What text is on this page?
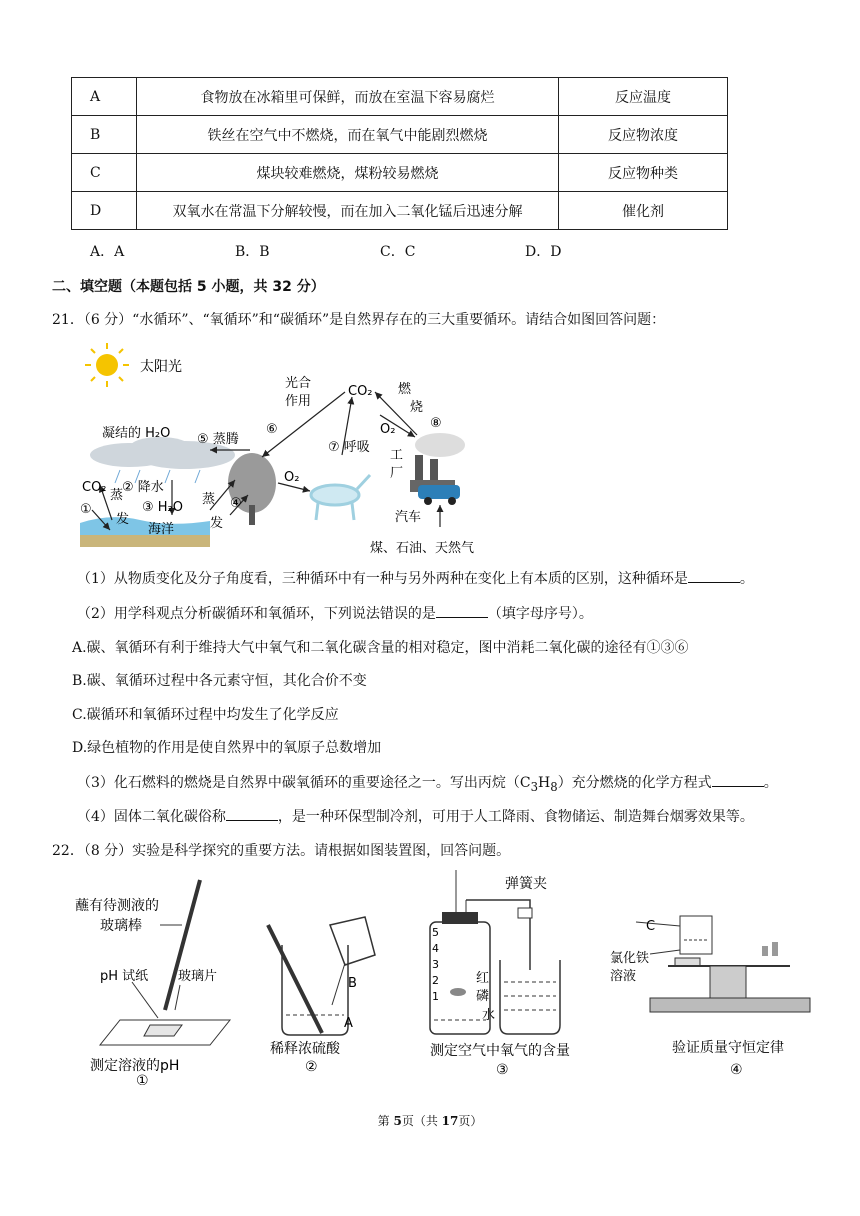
A	食物放在冰箱里可保鲜，而放在室温下容易腐烂	反应温度
B	铁丝在空气中不燃烧，而在氧气中能剧烈燃烧	反应物浓度
C	煤块较难燃烧，煤粉较易燃烧	反应物种类
D	双氧水在常温下分解较慢，而在加入二氧化锰后迅速分解	催化剂
A．A	B．B	C．C	D．D
二、填空题（本题包括 5 小题，共 32 分）
21．（6 分）“水循环”、“氧循环”和“碳循环”是自然界存在的三大重要循环。请结合如图回答问题：
太阳光
光合
作用
CO₂ 燃
烧
⑧
⑥	O₂
凝结的 H₂O ⑤ 蒸腾
⑦ 呼吸
工
厂
CO₂
蒸
发
② 降水
③ H₂O
①
海洋
蒸
发
④
O₂
汽车
煤、石油、天然气
（1）从物质变化及分子角度看，三种循环中有一种与另外两种在变化上有本质的区别，这种循环是	。
（2）用学科观点分析碳循环和氧循环，下列说法错误的是	（填字母序号）。
A.碳、氧循环有利于维持大气中氧气和二氧化碳含量的相对稳定，图中消耗二氧化碳的途径有①③⑥
B.碳、氧循环过程中各元素守恒，其化合价不变
C.碳循环和氧循环过程中均发生了化学反应
D.绿色植物的作用是使自然界中的氧原子总数增加
（3）化石燃料的燃烧是自然界中碳氧循环的重要途径之一。写出丙烷$(C_3H_8)$充分燃烧的化学方程式	。
（4）固体二氧化碳俗称	，是一种环保型制冷剂，可用于人工降雨、食物储运、制造舞台烟雾效果等。
22．（8 分）实验是科学探究的重要方法。请根据如图装置图，回答问题。
蘸有待测液的
玻璃棒
pH 试纸 玻璃片
测定溶液的pH
①
B
A
稀释浓硫酸
②
5
4
3
2
1
弹簧夹
红
磷
水
测定空气中氧气的含量
③
C
氯化铁
溶液
验证质量守恒定律
④
第 5页（共 17页）
